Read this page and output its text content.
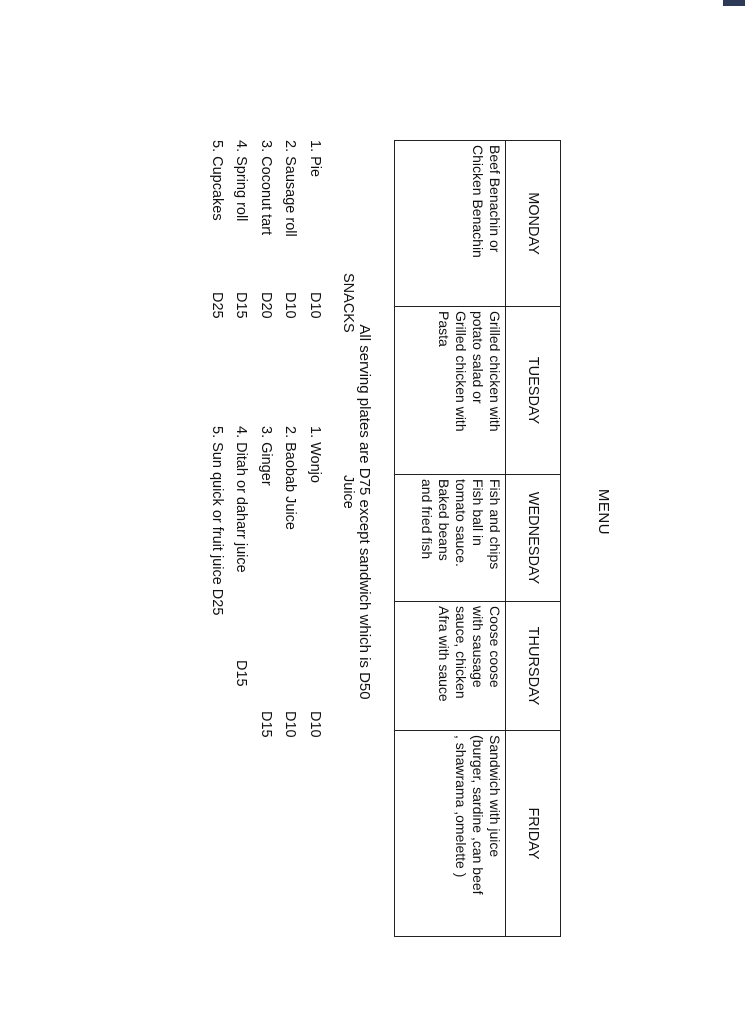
MENU
MONDAY	TUESDAY	WEDNESDAY	THURSDAY	FRIDAY

Beef Benachin or
Chicken Benachin	Grilled chicken with
potato salad or
Grilled chicken with
Pasta	Fish and chips
Fish ball in
tomato sauce.
Baked beans
and fried fish	Coose coose
with sausage
sauce, chicken
Afra with sauce	Sandwich with juice
(burger, sardine ,can beef
, shawrama ,omelette )
All serving plates are D75 except sandwich which is D50
SNACKS
Juice
1. Pie
D10
2. Sausage roll
D10
3. Coconut tart
D20
4. Spring roll
D15
5. Cupcakes
D25
1. Wonjo
D10
2. Baobab Juice
D10
3. Ginger
D15
4. Ditah or daharr juice
D15
5. Sun quick or fruit juice D25
